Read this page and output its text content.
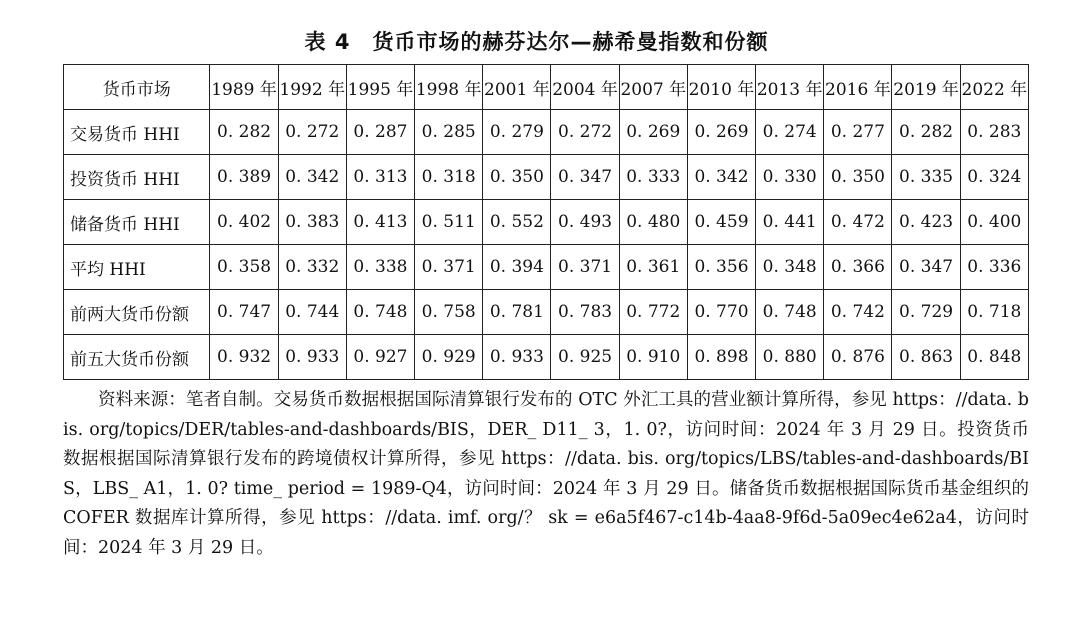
表 4　货币市场的赫芬达尔—赫希曼指数和份额
货币市场	1989 年	1992 年	1995 年	1998 年	2001 年	2004 年	2007 年	2010 年	2013 年	2016 年	2019 年	2022 年
交易货币 HHI	0. 282	0. 272	0. 287	0. 285	0. 279	0. 272	0. 269	0. 269	0. 274	0. 277	0. 282	0. 283
投资货币 HHI	0. 389	0. 342	0. 313	0. 318	0. 350	0. 347	0. 333	0. 342	0. 330	0. 350	0. 335	0. 324
储备货币 HHI	0. 402	0. 383	0. 413	0. 511	0. 552	0. 493	0. 480	0. 459	0. 441	0. 472	0. 423	0. 400
平均 HHI	0. 358	0. 332	0. 338	0. 371	0. 394	0. 371	0. 361	0. 356	0. 348	0. 366	0. 347	0. 336
前两大货币份额	0. 747	0. 744	0. 748	0. 758	0. 781	0. 783	0. 772	0. 770	0. 748	0. 742	0. 729	0. 718
前五大货币份额	0. 932	0. 933	0. 927	0. 929	0. 933	0. 925	0. 910	0. 898	0. 880	0. 876	0. 863	0. 848
资料来源：笔者自制。交易货币数据根据国际清算银行发布的 OTC 外汇工具的营业额计算所得，参见 https：//data. bis. org/topics/DER/tables-and-dashboards/BIS，DER_ D11_ 3，1. 0?，访问时间：2024 年 3 月 29 日。投资货币数据根据国际清算银行发布的跨境债权计算所得，参见 https：//data. bis. org/topics/LBS/tables-and-dashboards/BIS，LBS_ A1，1. 0? time_ period = 1989-Q4，访问时间：2024 年 3 月 29 日。储备货币数据根据国际货币基金组织的 COFER 数据库计算所得，参见 https：//data. imf. org/？ sk = e6a5f467-c14b-4aa8-9f6d-5a09ec4e62a4，访问时间：2024 年 3 月 29 日。
